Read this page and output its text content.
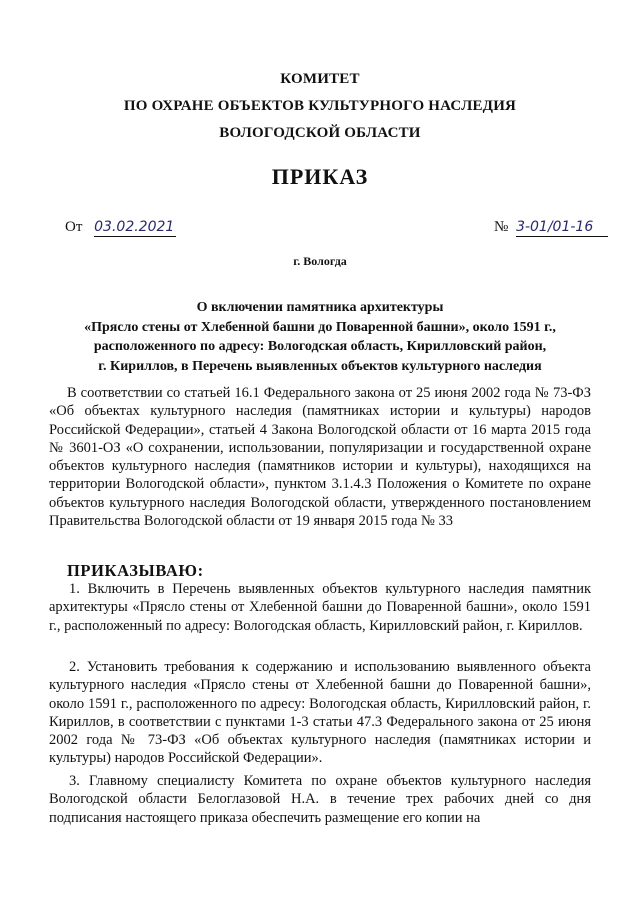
КОМИТЕТ
ПО ОХРАНЕ ОБЪЕКТОВ КУЛЬТУРНОГО НАСЛЕДИЯ
ВОЛОГОДСКОЙ ОБЛАСТИ
ПРИКАЗ
От 03.02.2021	№ 3-01/01-16
г. Вологда
О включении памятника архитектуры
«Прясло стены от Хлебенной башни до Поваренной башни», около 1591 г.,
расположенного по адресу: Вологодская область, Кирилловский район,
г. Кириллов, в Перечень выявленных объектов культурного наследия
В соответствии со статьей 16.1 Федерального закона от 25 июня 2002 года № 73-ФЗ «Об объектах культурного наследия (памятниках истории и культуры) народов Российской Федерации», статьей 4 Закона Вологодской области от 16 марта 2015 года № 3601-ОЗ «О сохранении, использовании, популяризации и государственной охране объектов культурного наследия (памятников истории и культуры), находящихся на территории Вологодской области», пунктом 3.1.4.3 Положения о Комитете по охране объектов культурного наследия Вологодской области, утвержденного постановлением Правительства Вологодской области от 19 января 2015 года № 33
ПРИКАЗЫВАЮ:
1. Включить в Перечень выявленных объектов культурного наследия памятник архитектуры «Прясло стены от Хлебенной башни до Поваренной башни», около 1591 г., расположенный по адресу: Вологодская область, Кирилловский район, г. Кириллов.
2. Установить требования к содержанию и использованию выявленного объекта культурного наследия «Прясло стены от Хлебенной башни до Поваренной башни», около 1591 г., расположенного по адресу: Вологодская область, Кирилловский район, г. Кириллов, в соответствии с пунктами 1-3 статьи 47.3 Федерального закона от 25 июня 2002 года № 73-ФЗ «Об объектах культурного наследия (памятниках истории и культуры) народов Российской Федерации».
3. Главному специалисту Комитета по охране объектов культурного наследия Вологодской области Белоглазовой Н.А. в течение трех рабочих дней со дня подписания настоящего приказа обеспечить размещение его копии на
